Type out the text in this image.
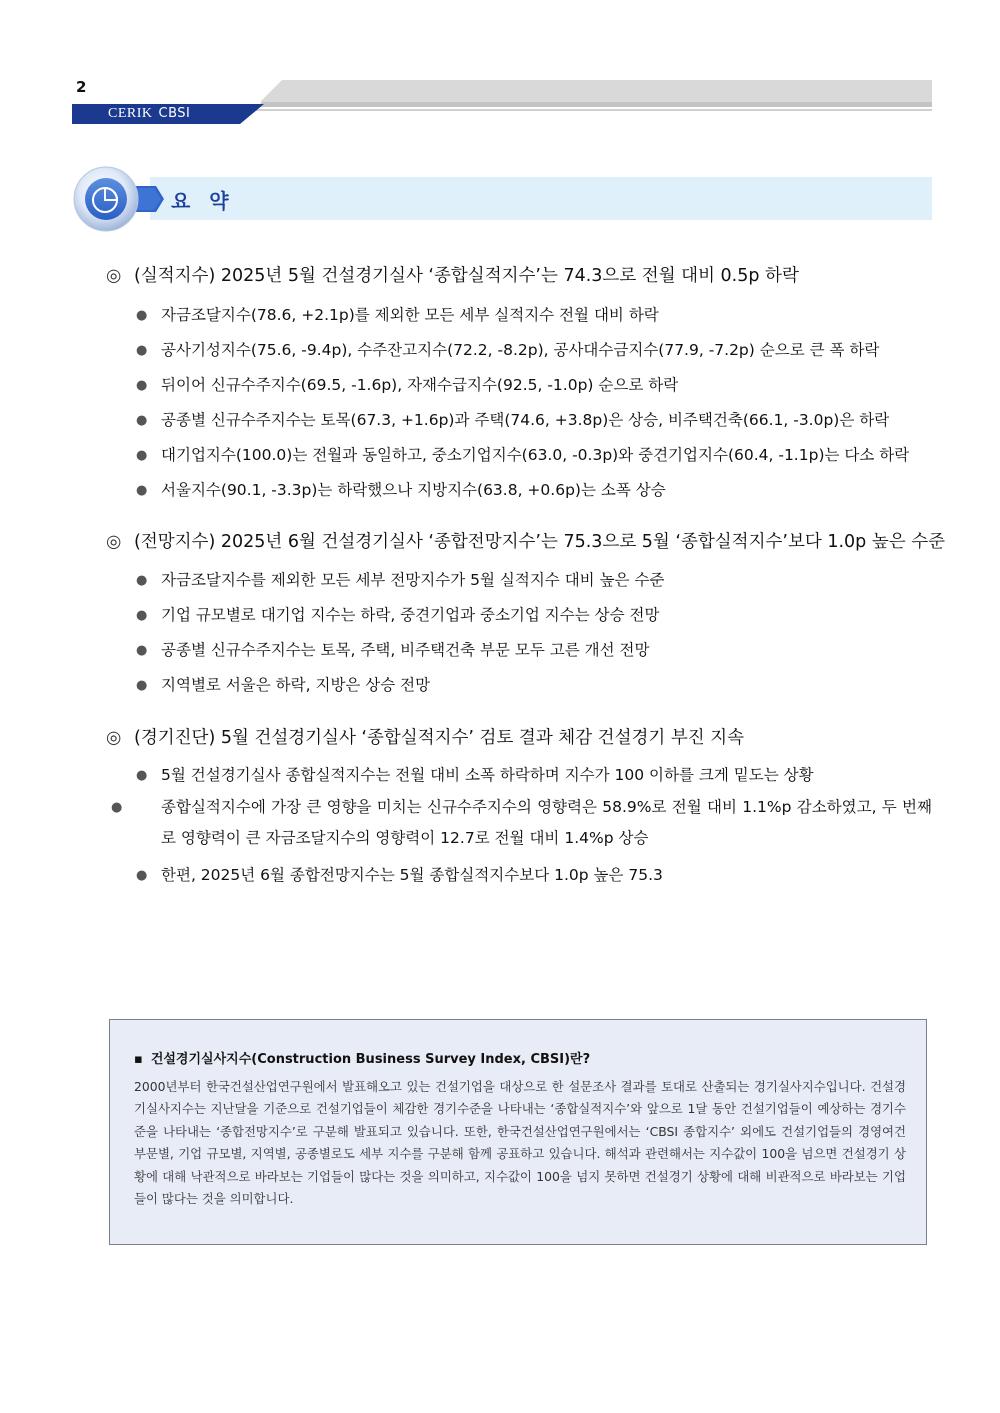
2
CERIK CBSI
요 약
◎ (실적지수) 2025년 5월 건설경기실사 ‘종합실적지수’는 74.3으로 전월 대비 0.5p 하락
● 자금조달지수(78.6, +2.1p)를 제외한 모든 세부 실적지수 전월 대비 하락
● 공사기성지수(75.6, -9.4p), 수주잔고지수(72.2, -8.2p), 공사대수금지수(77.9, -7.2p) 순으로 큰 폭 하락
● 뒤이어 신규수주지수(69.5, -1.6p), 자재수급지수(92.5, -1.0p) 순으로 하락
● 공종별 신규수주지수는 토목(67.3, +1.6p)과 주택(74.6, +3.8p)은 상승, 비주택건축(66.1, -3.0p)은 하락
● 대기업지수(100.0)는 전월과 동일하고, 중소기업지수(63.0, -0.3p)와 중견기업지수(60.4, -1.1p)는 다소 하락
● 서울지수(90.1, -3.3p)는 하락했으나 지방지수(63.8, +0.6p)는 소폭 상승
◎ (전망지수) 2025년 6월 건설경기실사 ‘종합전망지수’는 75.3으로 5월 ‘종합실적지수’보다 1.0p 높은 수준
● 자금조달지수를 제외한 모든 세부 전망지수가 5월 실적지수 대비 높은 수준
● 기업 규모별로 대기업 지수는 하락, 중견기업과 중소기업 지수는 상승 전망
● 공종별 신규수주지수는 토목, 주택, 비주택건축 부문 모두 고른 개선 전망
● 지역별로 서울은 하락, 지방은 상승 전망
◎ (경기진단) 5월 건설경기실사 ‘종합실적지수’ 검토 결과 체감 건설경기 부진 지속
● 5월 건설경기실사 종합실적지수는 전월 대비 소폭 하락하며 지수가 100 이하를 크게 밑도는 상황
● 종합실적지수에 가장 큰 영향을 미치는 신규수주지수의 영향력은 58.9%로 전월 대비 1.1%p 감소하였고, 두 번째로 영향력이 큰 자금조달지수의 영향력이 12.7로 전월 대비 1.4%p 상승
● 한편, 2025년 6월 종합전망지수는 5월 종합실적지수보다 1.0p 높은 75.3
▪ 건설경기실사지수(Construction Business Survey Index, CBSI)란?
2000년부터 한국건설산업연구원에서 발표해오고 있는 건설기업을 대상으로 한 설문조사 결과를 토대로 산출되는 경기실사지수입니다. 건설경기실사지수는 지난달을 기준으로 건설기업들이 체감한 경기수준을 나타내는 ‘종합실적지수’와 앞으로 1달 동안 건설기업들이 예상하는 경기수준을 나타내는 ‘종합전망지수’로 구분해 발표되고 있습니다. 또한, 한국건설산업연구원에서는 ‘CBSI 종합지수’ 외에도 건설기업들의 경영여건 부문별, 기업 규모별, 지역별, 공종별로도 세부 지수를 구분해 함께 공표하고 있습니다. 해석과 관련해서는 지수값이 100을 넘으면 건설경기 상황에 대해 낙관적으로 바라보는 기업들이 많다는 것을 의미하고, 지수값이 100을 넘지 못하면 건설경기 상황에 대해 비관적으로 바라보는 기업들이 많다는 것을 의미합니다.
